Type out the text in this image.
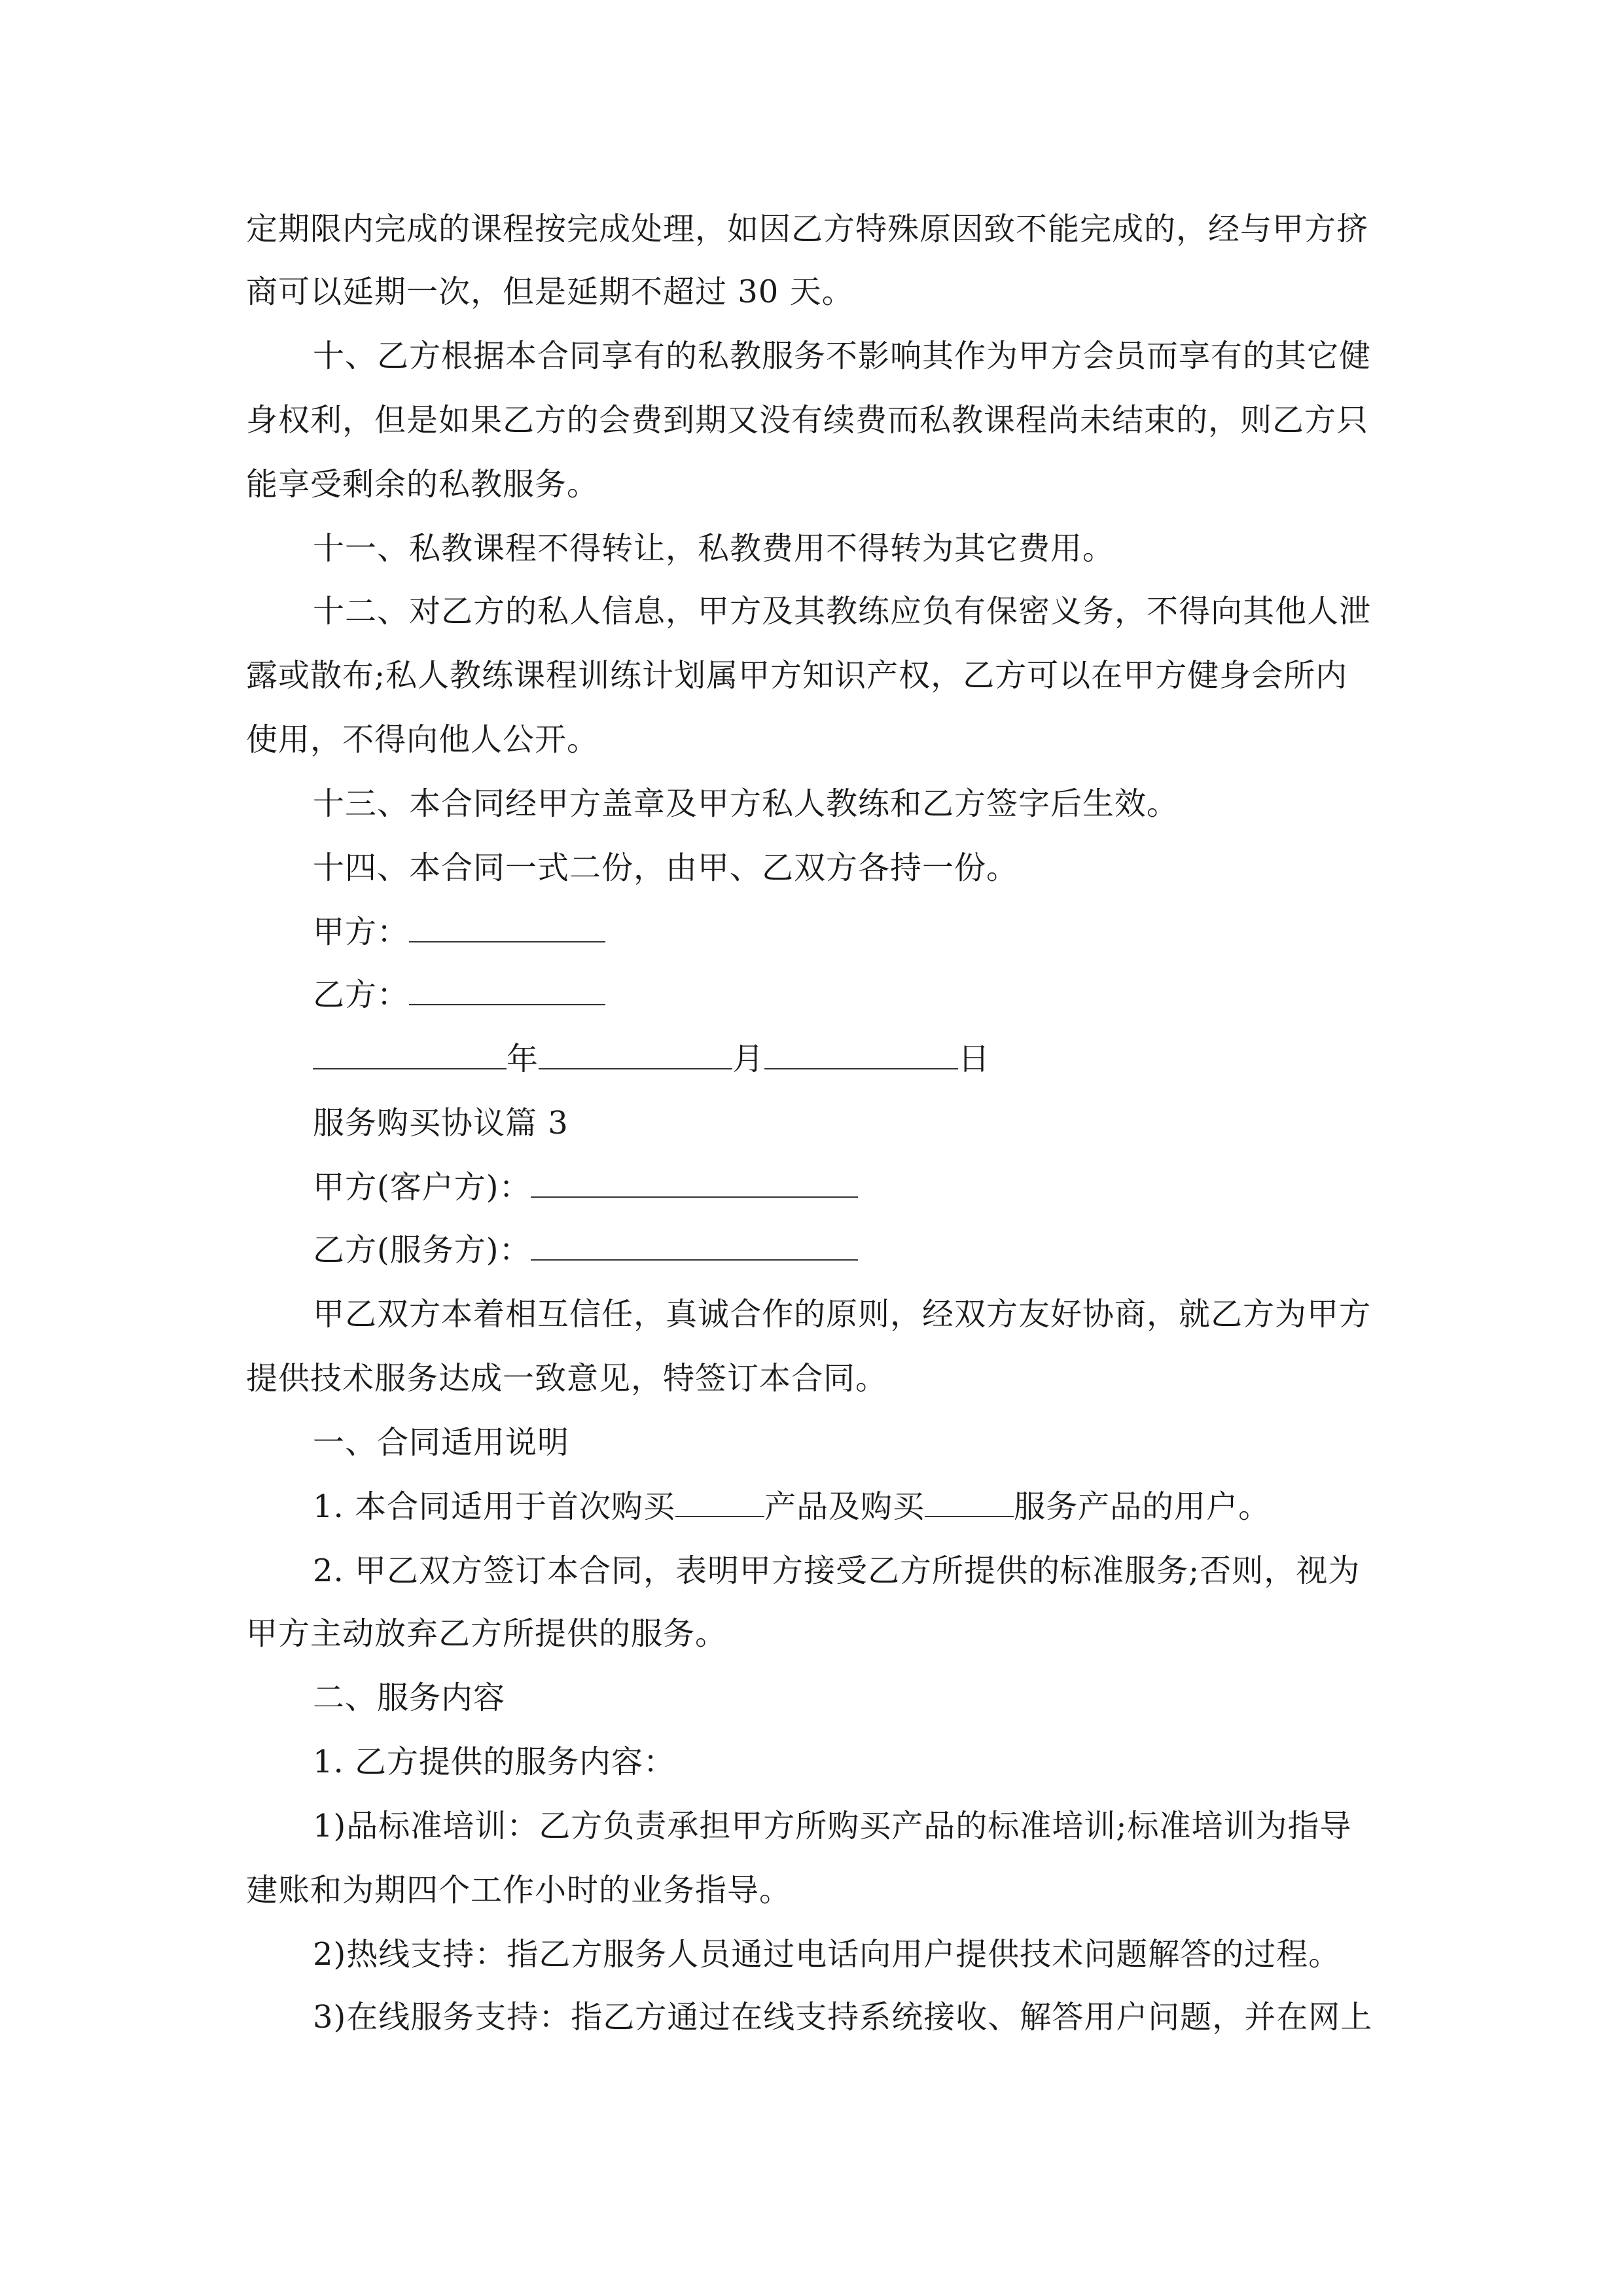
定期限内完成的课程按完成处理，如因乙方特殊原因致不能完成的，经与甲方挤
商可以延期一次，但是延期不超过 30 天。
十、乙方根据本合同享有的私教服务不影响其作为甲方会员而享有的其它健
身权利，但是如果乙方的会费到期又没有续费而私教课程尚未结束的，则乙方只
能享受剩余的私教服务。
十一、私教课程不得转让，私教费用不得转为其它费用。
十二、对乙方的私人信息，甲方及其教练应负有保密义务，不得向其他人泄
露或散布;私人教练课程训练计划属甲方知识产权，乙方可以在甲方健身会所内
使用，不得向他人公开。
十三、本合同经甲方盖章及甲方私人教练和乙方签字后生效。
十四、本合同一式二份，由甲、乙双方各持一份。
甲方：
乙方：
年	月	日
服务购买协议篇 3
甲方(客户方)：
乙方(服务方)：
甲乙双方本着相互信任，真诚合作的原则，经双方友好协商，就乙方为甲方
提供技术服务达成一致意见，特签订本合同。
一、合同适用说明
1. 本合同适用于首次购买	产品及购买	服务产品的用户。
2. 甲乙双方签订本合同，表明甲方接受乙方所提供的标准服务;否则，视为
甲方主动放弃乙方所提供的服务。
二、服务内容
1. 乙方提供的服务内容：
1)品标准培训：乙方负责承担甲方所购买产品的标准培训;标准培训为指导
建账和为期四个工作小时的业务指导。
2)热线支持：指乙方服务人员通过电话向用户提供技术问题解答的过程。
3)在线服务支持：指乙方通过在线支持系统接收、解答用户问题，并在网上
